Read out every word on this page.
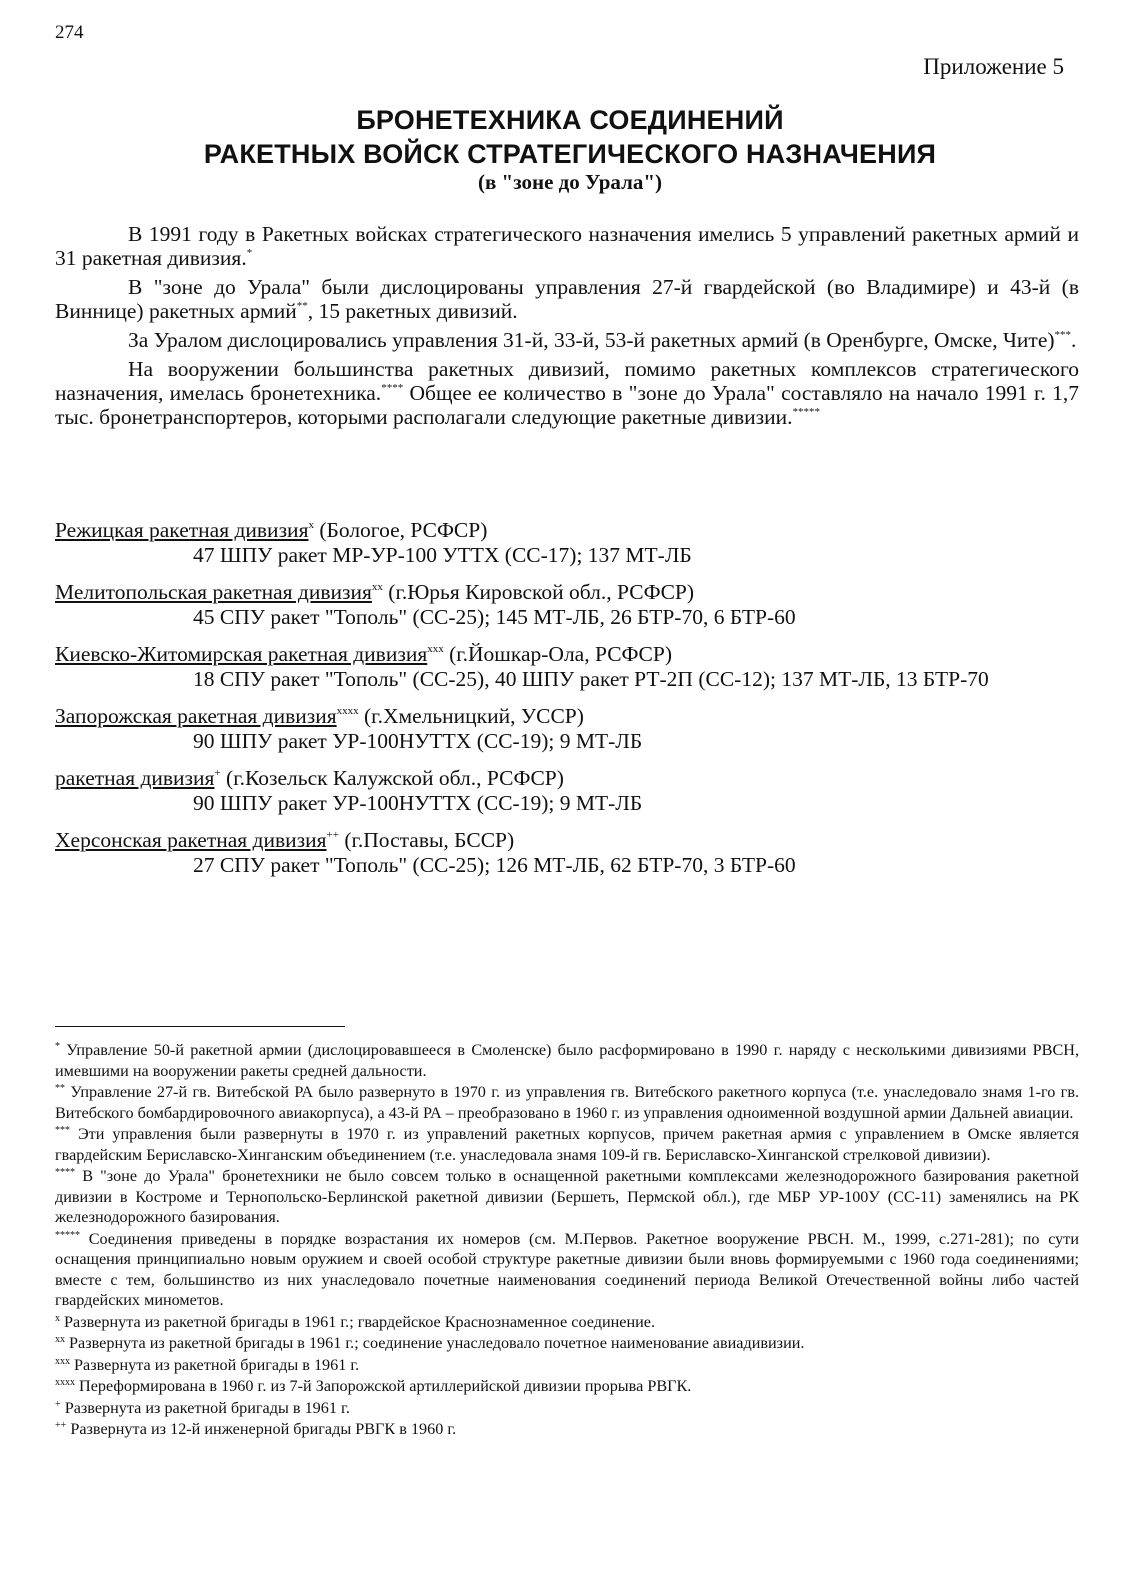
274
Приложение 5
БРОНЕТЕХНИКА СОЕДИНЕНИЙ
РАКЕТНЫХ ВОЙСК СТРАТЕГИЧЕСКОГО НАЗНАЧЕНИЯ
(в "зоне до Урала")

В 1991 году в Ракетных войсках стратегического назначения имелись 5 управлений ракетных армий и 31 ракетная дивизия.*

В "зоне до Урала" были дислоцированы управления 27-й гвардейской (во Владимире) и 43-й (в Виннице) ракетных армий**, 15 ракетных дивизий.

За Уралом дислоцировались управления 31-й, 33-й, 53-й ракетных армий (в Оренбурге, Омске, Чите)***.

На вооружении большинства ракетных дивизий, помимо ракетных комплексов стратегического назначения, имелась бронетехника.**** Общее ее количество в "зоне до Урала" составляло на начало 1991 г. 1,7 тыс. бронетранспортеров, которыми располагали следующие ракетные дивизии.*****

Режицкая ракетная дивизия$^x$ (Бологое, РСФСР)
47 ШПУ ракет МР-УР-100 УТТХ (СС-17); 137 МТ-ЛБ
Мелитопольская ракетная дивизия$^{xx}$ (г.Юрья Кировской обл., РСФСР)
45 СПУ ракет "Тополь" (СС-25); 145 МТ-ЛБ, 26 БТР-70, 6 БТР-60
Киевско-Житомирская ракетная дивизия$^{xxx}$ (г.Йошкар-Ола, РСФСР)
18 СПУ ракет "Тополь" (СС-25), 40 ШПУ ракет РТ-2П (СС-12); 137 МТ-ЛБ, 13 БТР-70
Запорожская ракетная дивизия$^{xxxx}$ (г.Хмельницкий, УССР)
90 ШПУ ракет УР-100НУТТХ (СС-19); 9 МТ-ЛБ
ракетная дивизия+ (г.Козельск Калужской обл., РСФСР)
90 ШПУ ракет УР-100НУТТХ (СС-19); 9 МТ-ЛБ
Херсонская ракетная дивизия++ (г.Поставы, БССР)
27 СПУ ракет "Тополь" (СС-25); 126 МТ-ЛБ, 62 БТР-70, 3 БТР-60

* Управление 50-й ракетной армии (дислоцировавшееся в Смоленске) было расформировано в 1990 г. наряду с несколькими дивизиями РВСН, имевшими на вооружении ракеты средней дальности.

** Управление 27-й гв. Витебской РА было развернуто в 1970 г. из управления гв. Витебского ракетного корпуса (т.е. унаследовало знамя 1-го гв. Витебского бомбардировочного авиакорпуса), а 43-й РА – преобразовано в 1960 г. из управления одноименной воздушной армии Дальней авиации.

*** Эти управления были развернуты в 1970 г. из управлений ракетных корпусов, причем ракетная армия с управлением в Омске является гвардейским Бериславско-Хинганским объединением (т.е. унаследовала знамя 109-й гв. Бериславско-Хинганской стрелковой дивизии).

**** В "зоне до Урала" бронетехники не было совсем только в оснащенной ракетными комплексами железнодорожного базирования ракетной дивизии в Костроме и Тернопольско-Берлинской ракетной дивизии (Бершеть, Пермской обл.), где МБР УР-100У (СС-11) заменялись на РК железнодорожного базирования.

***** Соединения приведены в порядке возрастания их номеров (см. М.Первов. Ракетное вооружение РВСН. М., 1999, с.271-281); по сути оснащения принципиально новым оружием и своей особой структуре ракетные дивизии были вновь формируемыми с 1960 года соединениями; вместе с тем, большинство из них унаследовало почетные наименования соединений периода Великой Отечественной войны либо частей гвардейских минометов.

$^x$ Развернута из ракетной бригады в 1961 г.; гвардейское Краснознаменное соединение.

$^{xx}$ Развернута из ракетной бригады в 1961 г.; соединение унаследовало почетное наименование авиадивизии.

$^{xxx}$ Развернута из ракетной бригады в 1961 г.

$^{xxxx}$ Переформирована в 1960 г. из 7-й Запорожской артиллерийской дивизии прорыва РВГК.

+ Развернута из ракетной бригады в 1961 г.

++ Развернута из 12-й инженерной бригады РВГК в 1960 г.
